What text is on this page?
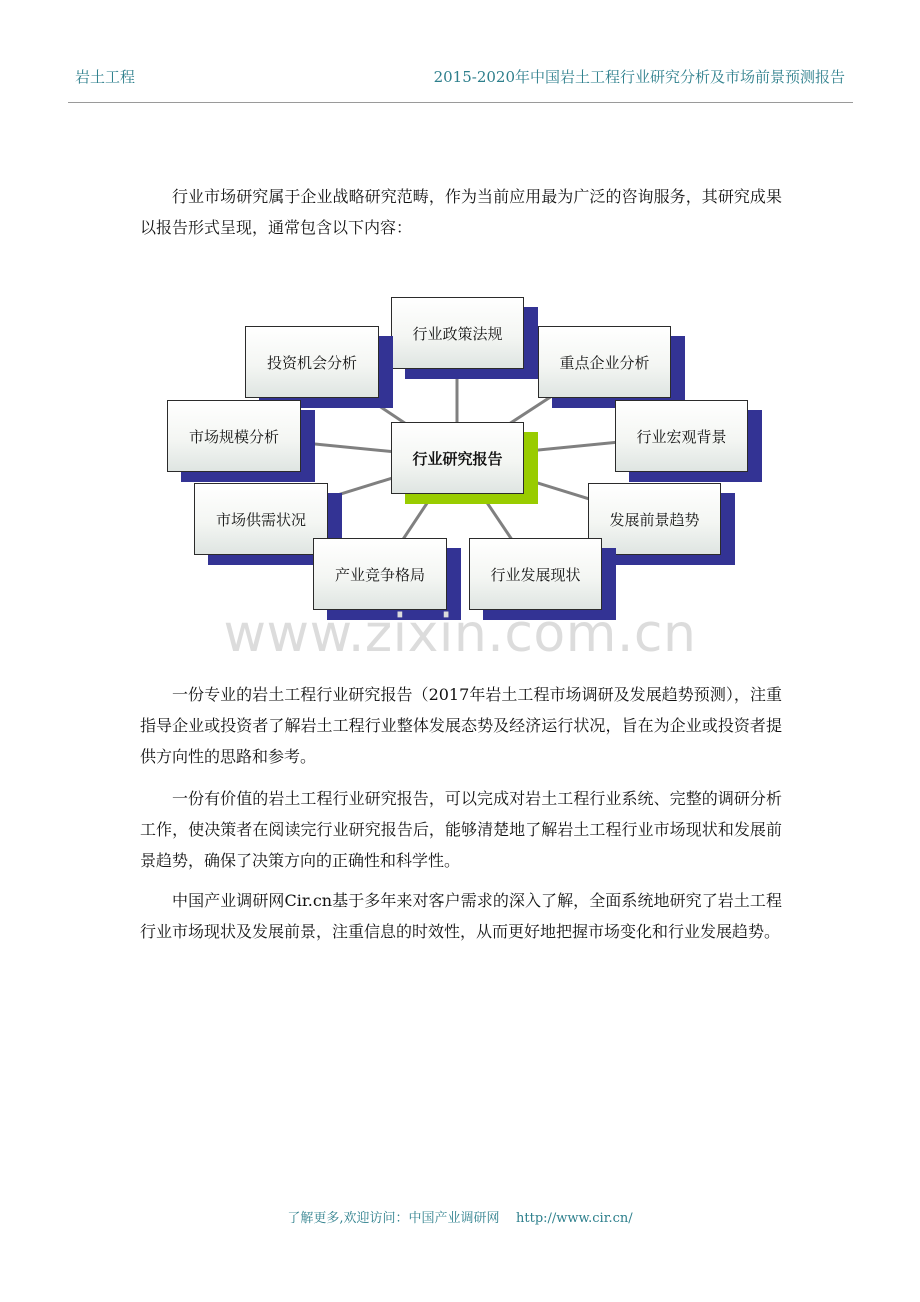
岩土工程	2015-2020年中国岩土工程行业研究分析及市场前景预测报告

行业市场研究属于企业战略研究范畴，作为当前应用最为广泛的咨询服务，其研究成果以报告形式呈现，通常包含以下内容：

行业政策法规
投资机会分析	重点企业分析
市场规模分析	行业宏观背景
市场供需状况	发展前景趋势
产业竞争格局	行业发展现状
行业研究报告
www.zixin.com.cn

一份专业的岩土工程行业研究报告（2017年岩土工程市场调研及发展趋势预测），注重指导企业或投资者了解岩土工程行业整体发展态势及经济运行状况，旨在为企业或投资者提供方向性的思路和参考。

一份有价值的岩土工程行业研究报告，可以完成对岩土工程行业系统、完整的调研分析工作，使决策者在阅读完行业研究报告后，能够清楚地了解岩土工程行业市场现状和发展前景趋势，确保了决策方向的正确性和科学性。

中国产业调研网Cir.cn基于多年来对客户需求的深入了解，全面系统地研究了岩土工程行业市场现状及发展前景，注重信息的时效性，从而更好地把握市场变化和行业发展趋势。

了解更多,欢迎访问：中国产业调研网 http://www.cir.cn/
